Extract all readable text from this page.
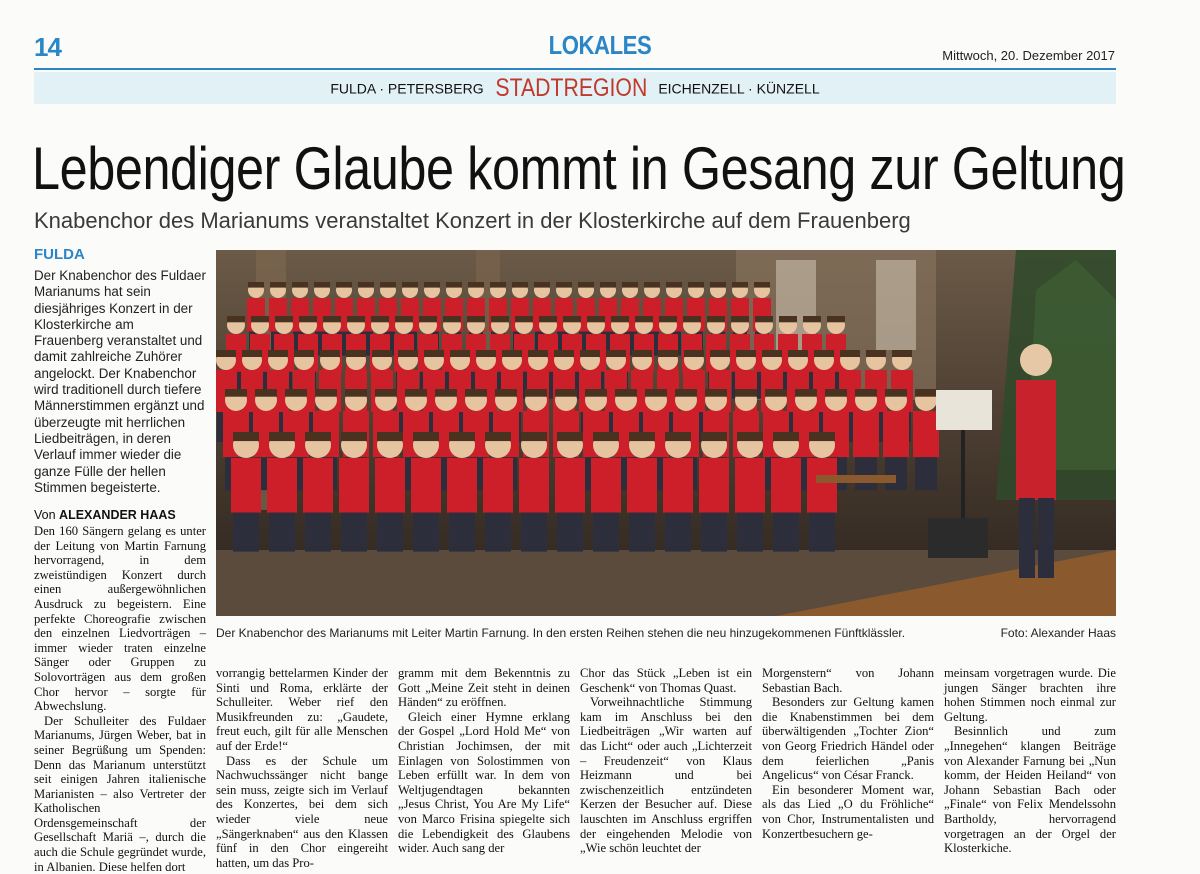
14	LOKALES	Mittwoch, 20. Dezember 2017
FULDA · PETERSBERG STADTREGION EICHENZELL · KÜNZELL
Lebendiger Glaube kommt in Gesang zur Geltung
Knabenchor des Marianums veranstaltet Konzert in der Klosterkirche auf dem Frauenberg
FULDA
Der Knabenchor des Fuldaer Marianums hat sein diesjähriges Konzert in der Klosterkirche am Frauenberg veranstaltet und damit zahlreiche Zuhörer angelockt. Der Knabenchor wird traditionell durch tiefere Männerstimmen ergänzt und überzeugte mit herrlichen Liedbeiträgen, in deren Verlauf immer wieder die ganze Fülle der hellen Stimmen begeisterte.
Von ALEXANDER HAAS
Der Knabenchor des Marianums mit Leiter Martin Farnung. In den ersten Reihen stehen die neu hinzugekommenen Fünftklässler.	Foto: Alexander Haas

Den 160 Sängern gelang es unter der Leitung von Martin Farnung hervorragend, in dem zweistündigen Konzert durch einen außergewöhnlichen Ausdruck zu begeistern. Eine perfekte Choreografie zwischen den einzelnen Liedvorträgen – immer wieder traten einzelne Sänger oder Gruppen zu Solovorträgen aus dem großen Chor hervor – sorgte für Abwechslung.

Der Schulleiter des Fuldaer Marianums, Jürgen Weber, bat in seiner Begrüßung um Spenden: Denn das Marianum unterstützt seit einigen Jahren italienische Marianisten – also Vertreter der Katholischen Ordensgemeinschaft der Gesellschaft Mariä –, durch die auch die Schule gegründet wurde, in Albanien. Diese helfen dort

vorrangig bettelarmen Kinder der Sinti und Roma, erklärte der Schulleiter. Weber rief den Musikfreunden zu: „Gaudete, freut euch, gilt für alle Menschen auf der Erde!“

Dass es der Schule um Nachwuchssänger nicht bange sein muss, zeigte sich im Verlauf des Konzertes, bei dem sich wieder viele neue „Sängerknaben“ aus den Klassen fünf in den Chor eingereiht hatten, um das Pro-

gramm mit dem Bekenntnis zu Gott „Meine Zeit steht in deinen Händen“ zu eröffnen.

Gleich einer Hymne erklang der Gospel „Lord Hold Me“ von Christian Jochimsen, der mit Einlagen von Solostimmen von Leben erfüllt war. In dem von Weltjugendtagen bekannten „Jesus Christ, You Are My Life“ von Marco Frisina spiegelte sich die Lebendigkeit des Glaubens wider. Auch sang der

Chor das Stück „Leben ist ein Geschenk“ von Thomas Quast.

Vorweihnachtliche Stimmung kam im Anschluss bei den Liedbeiträgen „Wir warten auf das Licht“ oder auch „Lichterzeit – Freudenzeit“ von Klaus Heizmann und bei zwischenzeitlich entzündeten Kerzen der Besucher auf. Diese lauschten im Anschluss ergriffen der eingehenden Melodie von „Wie schön leuchtet der

Morgenstern“ von Johann Sebastian Bach.

Besonders zur Geltung kamen die Knabenstimmen bei dem überwältigenden „Tochter Zion“ von Georg Friedrich Händel oder dem feierlichen „Panis Angelicus“ von César Franck.

Ein besonderer Moment war, als das Lied „O du Fröhliche“ von Chor, Instrumentalisten und Konzertbesuchern ge-

meinsam vorgetragen wurde. Die jungen Sänger brachten ihre hohen Stimmen noch einmal zur Geltung.

Besinnlich und zum „Innegehen“ klangen Beiträge von Alexander Farnung bei „Nun komm, der Heiden Heiland“ von Johann Sebastian Bach oder „Finale“ von Felix Mendelssohn Bartholdy, hervorragend vorgetragen an der Orgel der Klosterkiche.
